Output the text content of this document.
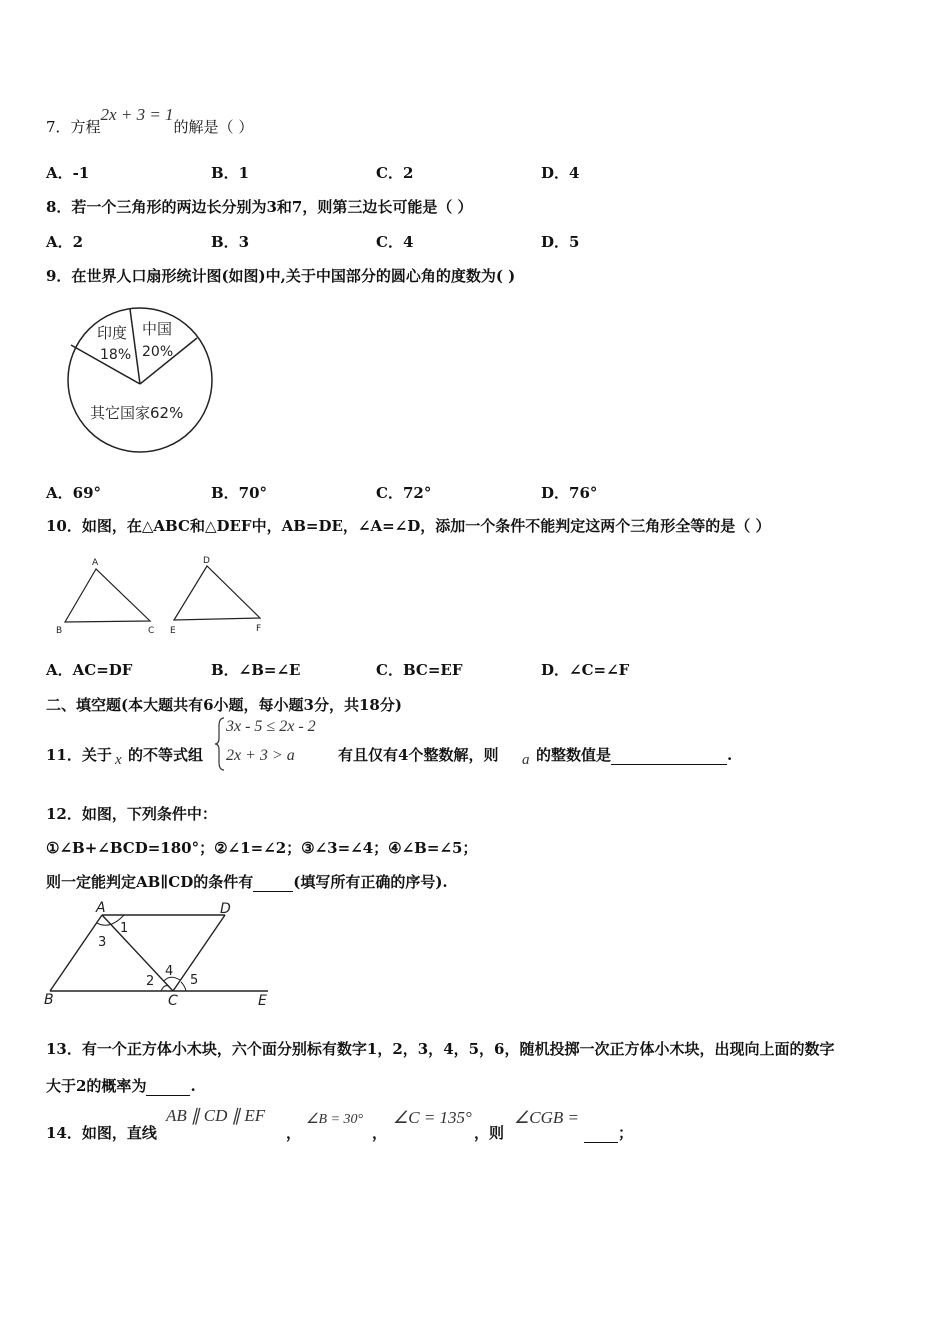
7．方程2x + 3 = 1的解是（ ）
A．-1	B．1	C．2	D．4
8．若一个三角形的两边长分别为3和7，则第三边长可能是（ ）
A．2	B．3	C．4	D．5
9．在世界人口扇形统计图(如图)中,关于中国部分的圆心角的度数为( )
印度
18%
中国
20%
其它国家62%
A．69°	B．70°	C．72°	D．76°
10．如图，在△ABC和△DEF中，AB=DE，∠A=∠D，添加一个条件不能判定这两个三角形全等的是（ ）
A
B	C
D
E	F
A．AC=DF	B．∠B=∠E	C．BC=EF	D．∠C=∠F
二、填空题(本大题共有6小题，每小题3分，共18分)
11．关于 x 的不等式组
3x - 5 ≤ 2x - 2
2x + 3 > a	有且仅有4个整数解，则 a 的整数值是	.
12．如图，下列条件中：
①∠B+∠BCD=180°；②∠1=∠2；③∠3=∠4；④∠B=∠5；
则一定能判定AB∥CD的条件有	(填写所有正确的序号).
A	D
B	C	E
1
2
3
4
5
13．有一个正方体小木块，六个面分别标有数字1，2，3，4，5，6，随机投掷一次正方体小木块，出现向上面的数字
大于2的概率为	.
14．如图，直线
AB ∥ CD ∥ EF
，
∠B = 30°
，
∠C = 135°
，则
∠CGB =
；
